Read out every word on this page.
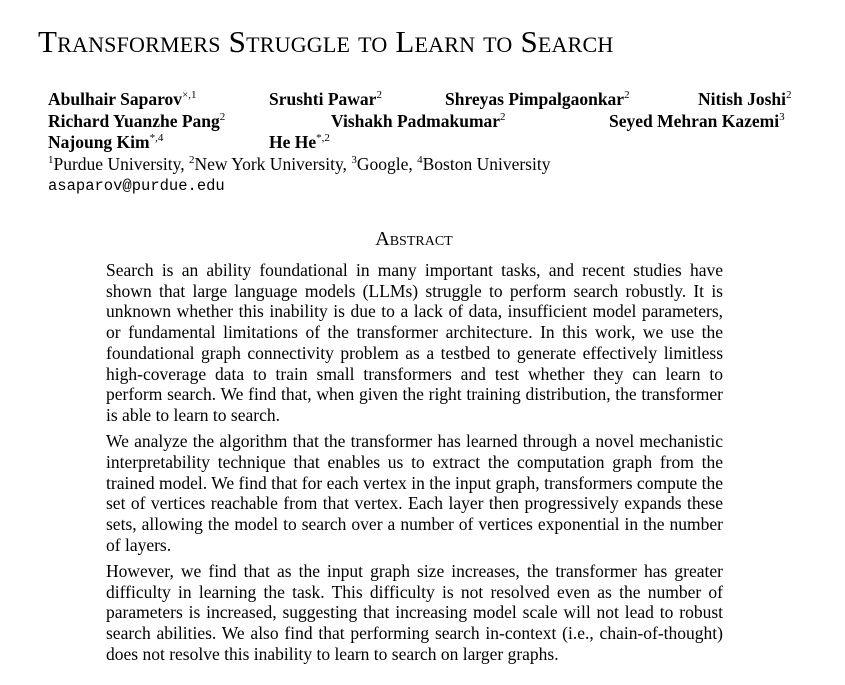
Transformers Struggle to Learn to Search
Abulhair Saparov$^{\times,1}$	Srushti Pawar$^2$	Shreyas Pimpalgaonkar$^2$	Nitish Joshi$^2$
Richard Yuanzhe Pang$^2$	Vishakh Padmakumar$^2$	Seyed Mehran Kazemi$^3$
Najoung Kim$^{*,4}$	He $He^{*,2}$
$^1$Purdue University, $^2$New York University, $^3$Google, $^4$Boston University
asaparov@purdue.edu
Abstract

Search is an ability foundational in many important tasks, and recent studies have shown that large language models (LLMs) struggle to perform search robustly. It is unknown whether this inability is due to a lack of data, insufficient model parameters, or fundamental limitations of the transformer architecture. In this work, we use the foundational graph connectivity problem as a testbed to generate effectively limitless high-coverage data to train small transformers and test whether they can learn to perform search. We find that, when given the right training distribution, the transformer is able to learn to search.

We analyze the algorithm that the transformer has learned through a novel mechanistic interpretability technique that enables us to extract the computation graph from the trained model. We find that for each vertex in the input graph, transformers compute the set of vertices reachable from that vertex. Each layer then progressively expands these sets, allowing the model to search over a number of vertices exponential in the number of layers.

However, we find that as the input graph size increases, the transformer has greater difficulty in learning the task. This difficulty is not resolved even as the number of parameters is increased, suggesting that increasing model scale will not lead to robust search abilities. We also find that performing search in-context (i.e., chain-of-thought) does not resolve this inability to learn to search on larger graphs.
